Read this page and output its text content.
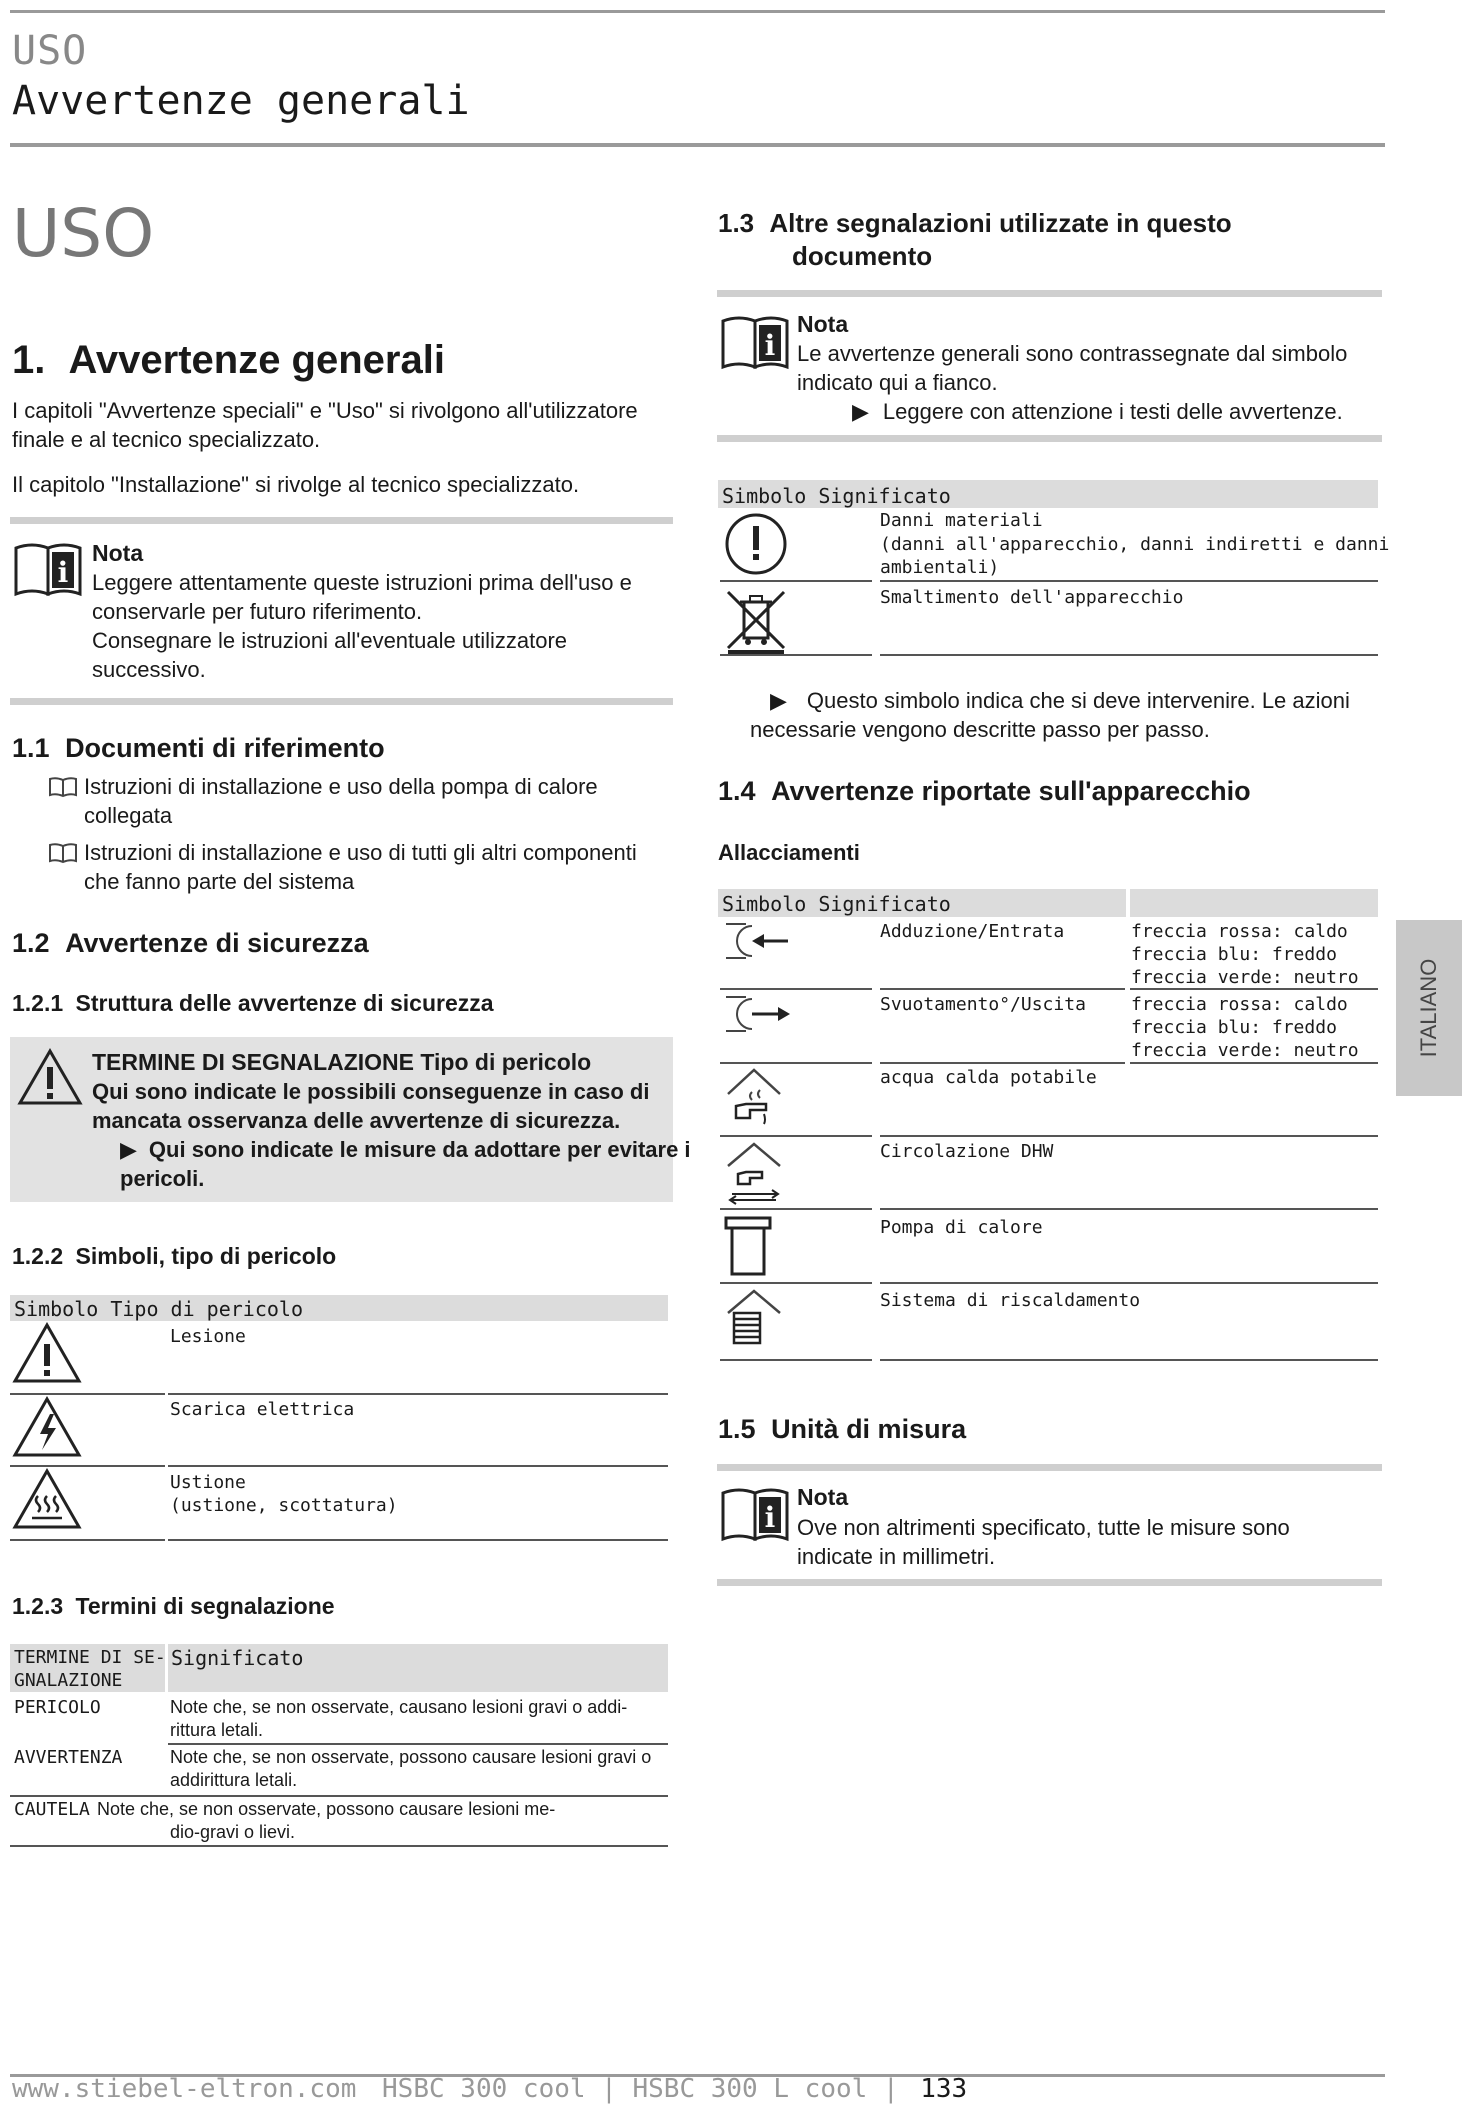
USO
Avvertenze generali
USO
1. Avvertenze generali
I capitoli "Avvertenze speciali" e "Uso" si rivolgono all'utilizzatore finale e al tecnico specializzato.
Il capitolo "Installazione" si rivolge al tecnico specializzato.
i
Nota
Leggere attentamente queste istruzioni prima dell'uso e conservarle per futuro riferimento.
Consegnare le istruzioni all'eventuale utilizzatore successivo.
1.1 Documenti di riferimento
Istruzioni di installazione e uso della pompa di calore collegata
Istruzioni di installazione e uso di tutti gli altri componenti che fanno parte del sistema
1.2 Avvertenze di sicurezza
1.2.1 Struttura delle avvertenze di sicurezza
TERMINE DI SEGNALAZIONE Tipo di pericolo
Qui sono indicate le possibili conseguenze in caso di mancata osservanza delle avvertenze di sicurezza.
▶ Qui sono indicate le misure da adottare per evitare i pericoli.
1.2.2 Simboli, tipo di pericolo
Simbolo Tipo di pericolo
Lesione
Scarica elettrica
Ustione
(ustione, scottatura)
1.2.3 Termini di segnalazione
TERMINE DI SE-
GNALAZIONE
Significato
PERICOLO	Note che, se non osservate, causano lesioni gravi o addi-
rittura letali.
AVVERTENZA	Note che, se non osservate, possono causare lesioni gravi o
addirittura letali.
CAUTELA Note che, se non osservate, possono causare lesioni me-
dio-gravi o lievi.
1.3 Altre segnalazioni utilizzate in questo
documento
i
Nota
Le avvertenze generali sono contrassegnate dal simbolo indicato qui a fianco.
▶ Leggere con attenzione i testi delle avvertenze.
Simbolo Significato
Danni materiali
(danni all'apparecchio, danni indiretti e danni ambientali)
Smaltimento dell'apparecchio
▶ Questo simbolo indica che si deve intervenire. Le azioni necessarie vengono descritte passo per passo.
1.4 Avvertenze riportate sull'apparecchio
Allacciamenti
Simbolo Significato
Adduzione/Entrata	freccia rossa: caldo
freccia blu: freddo
freccia verde: neutro
Svuotamento°/Uscita	freccia rossa: caldo
freccia blu: freddo
freccia verde: neutro
acqua calda potabile
Circolazione DHW
Pompa di calore
Sistema di riscaldamento
1.5 Unità di misura
i
Nota
Ove non altrimenti specificato, tutte le misure sono indicate in millimetri.
ITALIANO
www.stiebel-eltron.com HSBC 300 cool | HSBC 300 L cool | 133
